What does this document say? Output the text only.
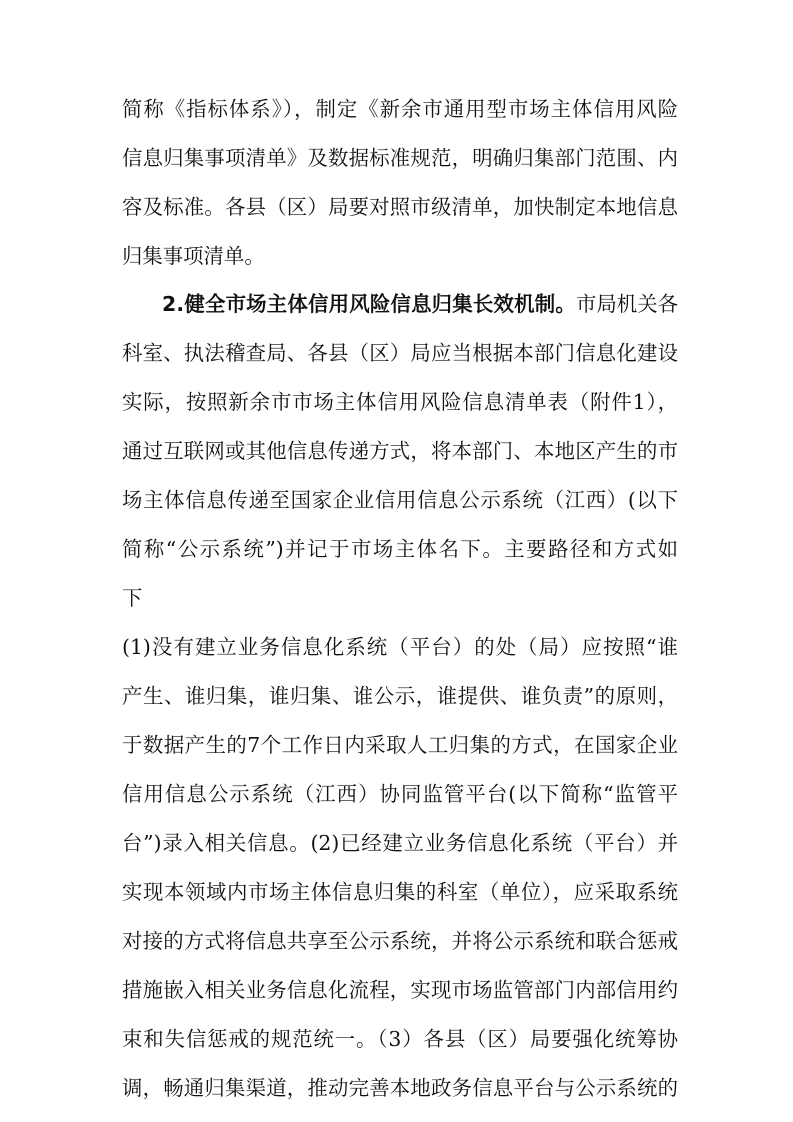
简称《指标体系》），制定《新余市通用型市场主体信用风险
信息归集事项清单》及数据标准规范，明确归集部门范围、内
容及标准。各县（区）局要对照市级清单，加快制定本地信息
归集事项清单。
2.健全市场主体信用风险信息归集长效机制。市局机关各
科室、执法稽查局、各县（区）局应当根据本部门信息化建设
实际，按照新余市市场主体信用风险信息清单表（附件1），
通过互联网或其他信息传递方式，将本部门、本地区产生的市
场主体信息传递至国家企业信用信息公示系统（江西）(以下
简称“公示系统”)并记于市场主体名下。主要路径和方式如
下
(1)没有建立业务信息化系统（平台）的处（局）应按照“谁
产生、谁归集，谁归集、谁公示，谁提供、谁负责”的原则，
于数据产生的7个工作日内采取人工归集的方式，在国家企业
信用信息公示系统（江西）协同监管平台(以下简称“监管平
台”)录入相关信息。(2)已经建立业务信息化系统（平台）并
实现本领域内市场主体信息归集的科室（单位），应采取系统
对接的方式将信息共享至公示系统，并将公示系统和联合惩戒
措施嵌入相关业务信息化流程，实现市场监管部门内部信用约
束和失信惩戒的规范统一。（3）各县（区）局要强化统筹协
调，畅通归集渠道，推动完善本地政务信息平台与公示系统的
